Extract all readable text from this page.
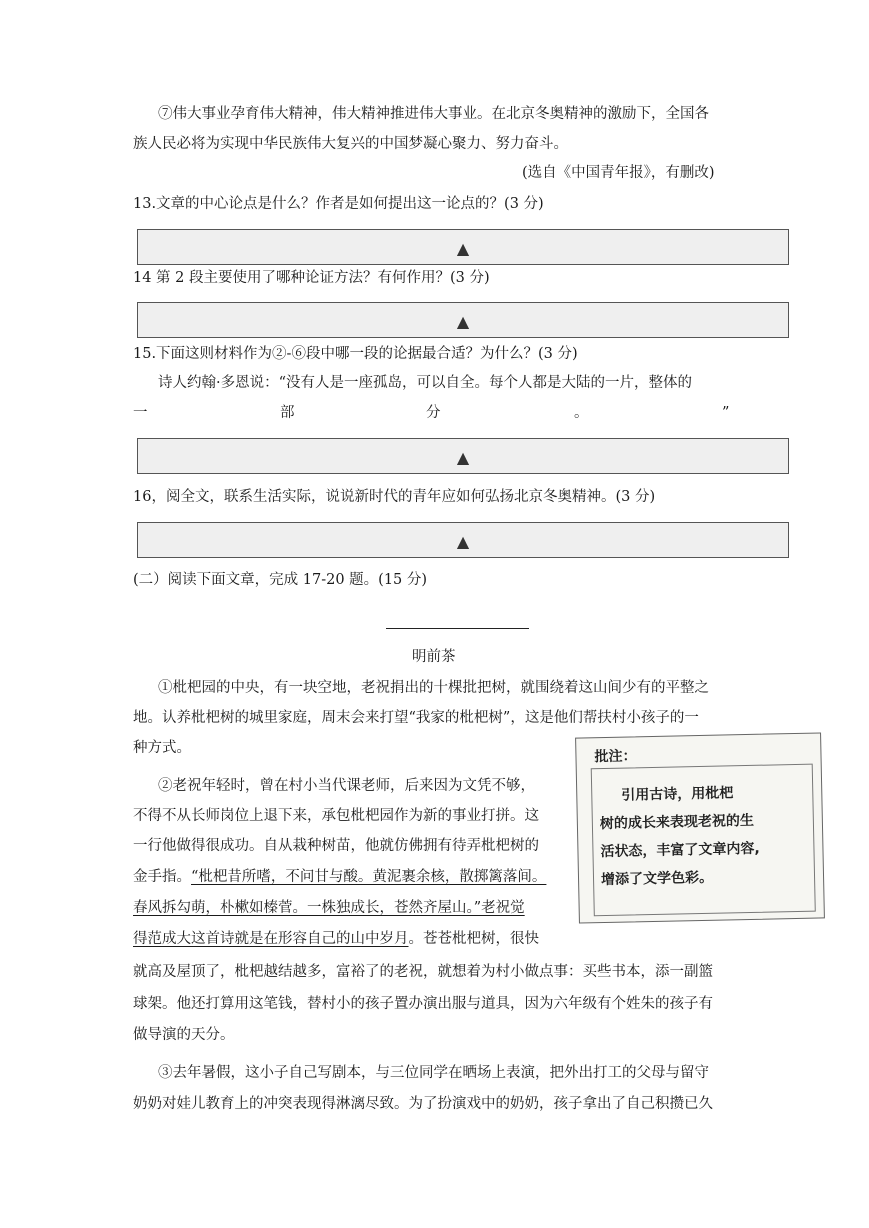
⑦伟大事业孕育伟大精神，伟大精神推进伟大事业。在北京冬奥精神的激励下，全国各
族人民必将为实现中华民族伟大复兴的中国梦凝心聚力、努力奋斗。
(选自《中国青年报》，有删改)
13.文章的中心论点是什么？作者是如何提出这一论点的？(3 分)
▲
14 第 2 段主要使用了哪种论证方法？有何作用？(3 分)
▲
15.下面这则材料作为②-⑥段中哪一段的论据最合适？为什么？(3 分)
诗人约翰·多恩说：“没有人是一座孤岛，可以自全。每个人都是大陆的一片，整体的
一	部	分	。	”
▲
16，阅全文，联系生活实际，说说新时代的青年应如何弘扬北京冬奥精神。(3 分)
▲
(二）阅读下面文章，完成 17-20 题。(15 分)
明前茶
①枇杷园的中央，有一块空地，老祝捐出的十棵批把树，就围绕着这山间少有的平整之
地。认养枇杷树的城里家庭，周末会来打望“我家的枇杷树”，这是他们帮扶村小孩子的一
种方式。
②老祝年轻时，曾在村小当代课老师，后来因为文凭不够，
不得不从长师岗位上退下来，承包枇杷园作为新的事业打拼。这
一行他做得很成功。自从栽种树苗，他就仿佛拥有待弄枇杷树的
金手指。“枇杷昔所嗜，不问甘与酸。黄泥裹余核，散掷篱落间。
春风拆勾萌，朴樕如榛菅。一株独成长，苍然齐屋山。”老祝觉
得范成大这首诗就是在形容自己的山中岁月。苍苍枇杷树，很快
就高及屋顶了，枇杷越结越多，富裕了的老祝，就想着为村小做点事：买些书本，添一副篮
球架。他还打算用这笔钱，替村小的孩子置办演出服与道具，因为六年级有个姓朱的孩子有
做导演的天分。
③去年暑假，这小子自己写剧本，与三位同学在晒场上表演，把外出打工的父母与留守
奶奶对娃儿教育上的冲突表现得淋漓尽致。为了扮演戏中的奶奶，孩子拿出了自己积攒已久
批注：
引用古诗，用枇杷
树的成长来表现老祝的生
活状态，丰富了文章内容,
增添了文学色彩。
